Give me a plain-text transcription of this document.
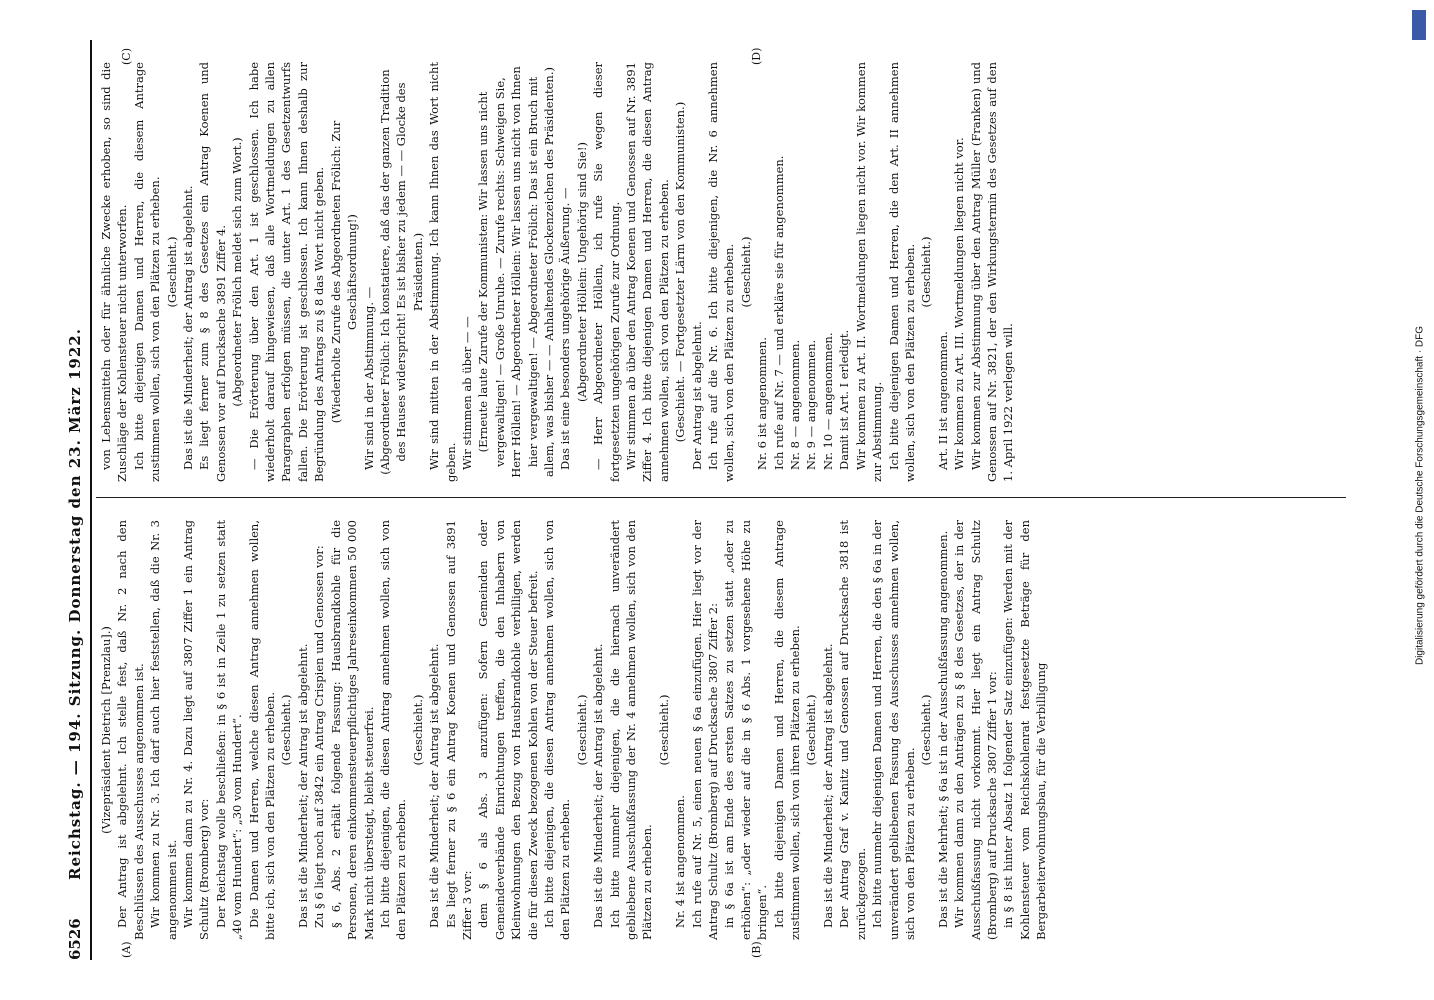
6526
Reichstag. — 194. Sitzung. Donnerstag den 23. März 1922.
(A)	(B)
(C)	(D)

(Vizepräsident Dietrich [Prenzlau].) Der Antrag ist abgelehnt. Ich stelle fest, daß Nr. 2 nach den Beschlüssen des Ausschusses angenommen ist. Wir kommen zu Nr. 3. Ich darf auch hier feststellen, daß die Nr. 3 angenommen ist. Wir kommen dann zu Nr. 4. Dazu liegt auf 3807 Ziffer 1 ein Antrag Schultz (Bromberg) vor: Der Reichstag wolle beschließen: in § 6 ist in Zeile 1 zu setzen statt „40 vom Hundert“: „30 vom Hundert“. Die Damen und Herren, welche diesen Antrag annehmen wollen, bitte ich, sich von den Plätzen zu erheben. (Geschieht.) Das ist die Minderheit; der Antrag ist abgelehnt. Zu § 6 liegt noch auf 3842 ein Antrag Crispien und Genossen vor: § 6, Abs. 2 erhält folgende Fassung: Hausbrandkohle für die Personen, deren einkommensteuerpflichtiges Jahreseinkommen 50 000 Mark nicht übersteigt, bleibt steuerfrei. Ich bitte diejenigen, die diesen Antrag annehmen wollen, sich von den Plätzen zu erheben.

(Geschieht.) Das ist die Minderheit; der Antrag ist abgelehnt. Es liegt ferner zu § 6 ein Antrag Koenen und Genossen auf 3891 Ziffer 3 vor: dem § 6 als Abs. 3 anzufügen: Sofern Gemeinden oder Gemeindeverbände Einrichtungen treffen, die den Inhabern von Kleinwohnungen den Bezug von Hausbrandkohle verbilligen, werden die für diesen Zweck bezogenen Kohlen von der Steuer befreit. Ich bitte diejenigen, die diesen Antrag annehmen wollen, sich von den Plätzen zu erheben.

(Geschieht.) Das ist die Minderheit; der Antrag ist abgelehnt. Ich bitte nunmehr diejenigen, die die hiernach unverändert gebliebene Ausschußfassung der Nr. 4 annehmen wollen, sich von den Plätzen zu erheben.

(Geschieht.)

Nr. 4 ist angenommen. Ich rufe auf Nr. 5, einen neuen § 6a einzufügen. Hier liegt vor der Antrag Schultz (Bromberg) auf Drucksache 3807 Ziffer 2: in § 6a ist am Ende des ersten Satzes zu setzen statt „oder zu erhöhen“: „oder wieder auf die in § 6 Abs. 1 vorgesehene Höhe zu bringen“. Ich bitte diejenigen Damen und Herren, die diesem Antrage zustimmen wollen, sich von ihren Plätzen zu erheben. (Geschieht.) Das ist die Minderheit; der Antrag ist abgelehnt. Der Antrag Graf v. Kanitz und Genossen auf Drucksache 3818 ist zurückgezogen. Ich bitte nunmehr diejenigen Damen und Herren, die den § 6a in der unverändert gebliebenen Fassung des Ausschusses annehmen wollen, sich von den Plätzen zu erheben.

(Geschieht.) Das ist die Mehrheit; § 6a ist in der Ausschußfassung angenommen. Wir kommen dann zu den Anträgen zu § 8 des Gesetzes, der in der Ausschußfassung nicht vorkommt. Hier liegt ein Antrag Schultz (Bromberg) auf Drucksache 3807 Ziffer 1 vor: in § 8 ist hinter Absatz 1 folgender Satz einzufügen: Werden mit der Kohlensteuer vom Reichskohlenrat festgesetzte Beträge für den Bergarbeiterwohnungsbau, für die Verbilligung

von Lebensmitteln oder für ähnliche Zwecke erhoben, so sind die Zuschläge der Kohlensteuer nicht unterworfen. Ich bitte diejenigen Damen und Herren, die diesem Antrage zustimmen wollen, sich von den Plätzen zu erheben. (Geschieht.) Das ist die Minderheit; der Antrag ist abgelehnt. Es liegt ferner zum § 8 des Gesetzes ein Antrag Koenen und Genossen vor auf Drucksache 3891 Ziffer 4. (Abgeordneter Frölich meldet sich zum Wort.) — Die Erörterung über den Art. 1 ist geschlossen. Ich habe wiederholt darauf hingewiesen, daß alle Wortmeldungen zu allen Paragraphen erfolgen müssen, die unter Art. 1 des Gesetzentwurfs fallen. Die Erörterung ist geschlossen. Ich kann Ihnen deshalb zur Begründung des Antrags zu § 8 das Wort nicht geben. (Wiederholte Zurufe des Abgeordneten Frölich: Zur Geschäftsordnung!)

Wir sind in der Abstimmung. — (Abgeordneter Frölich: Ich konstatiere, daß das der ganzen Tradition des Hauses widerspricht! Es ist bisher zu jedem — — Glocke des Präsidenten.) Wir sind mitten in der Abstimmung. Ich kann Ihnen das Wort nicht geben. Wir stimmen ab über — — (Erneute laute Zurufe der Kommunisten: Wir lassen uns nicht vergewaltigen! — Große Unruhe. — Zurufe rechts: Schweigen Sie, Herr Höllein! — Abgeordneter Höllein: Wir lassen uns nicht von Ihnen hier vergewaltigen! — Abgeordneter Frölich: Das ist ein Bruch mit allem, was bisher — — Anhaltendes Glockenzeichen des Präsidenten.) Das ist eine besonders ungehörige Äußerung. — (Abgeordneter Höllein: Ungehörig sind Sie!) — Herr Abgeordneter Höllein, ich rufe Sie wegen dieser fortgesetzten ungehörigen Zurufe zur Ordnung. Wir stimmen ab über den Antrag Koenen und Genossen auf Nr. 3891 Ziffer 4. Ich bitte diejenigen Damen und Herren, die diesen Antrag annehmen wollen, sich von den Plätzen zu erheben. (Geschieht. — Fortgesetzter Lärm von den Kommunisten.) Der Antrag ist abgelehnt. Ich rufe auf die Nr. 6. Ich bitte diejenigen, die Nr. 6 annehmen wollen, sich von den Plätzen zu erheben. (Geschieht.)

Nr. 6 ist angenommen. Ich rufe auf Nr. 7 — und erkläre sie für angenommen. Nr. 8 — angenommen. Nr. 9 — angenommen. Nr. 10 — angenommen. Damit ist Art. I erledigt. Wir kommen zu Art. II. Wortmeldungen liegen nicht vor. Wir kommen zur Abstimmung. Ich bitte diejenigen Damen und Herren, die den Art. II annehmen wollen, sich von den Plätzen zu erheben. (Geschieht.)

Art. II ist angenommen. Wir kommen zu Art. III. Wortmeldungen liegen nicht vor. Wir kommen zur Abstimmung über den Antrag Müller (Franken) und Genossen auf Nr. 3821, der den Wirkungstermin des Gesetzes auf den 1. April 1922 verlegen will.	Digitalisierung gefördert durch die Deutsche Forschungsgemeinschaft · DFG
